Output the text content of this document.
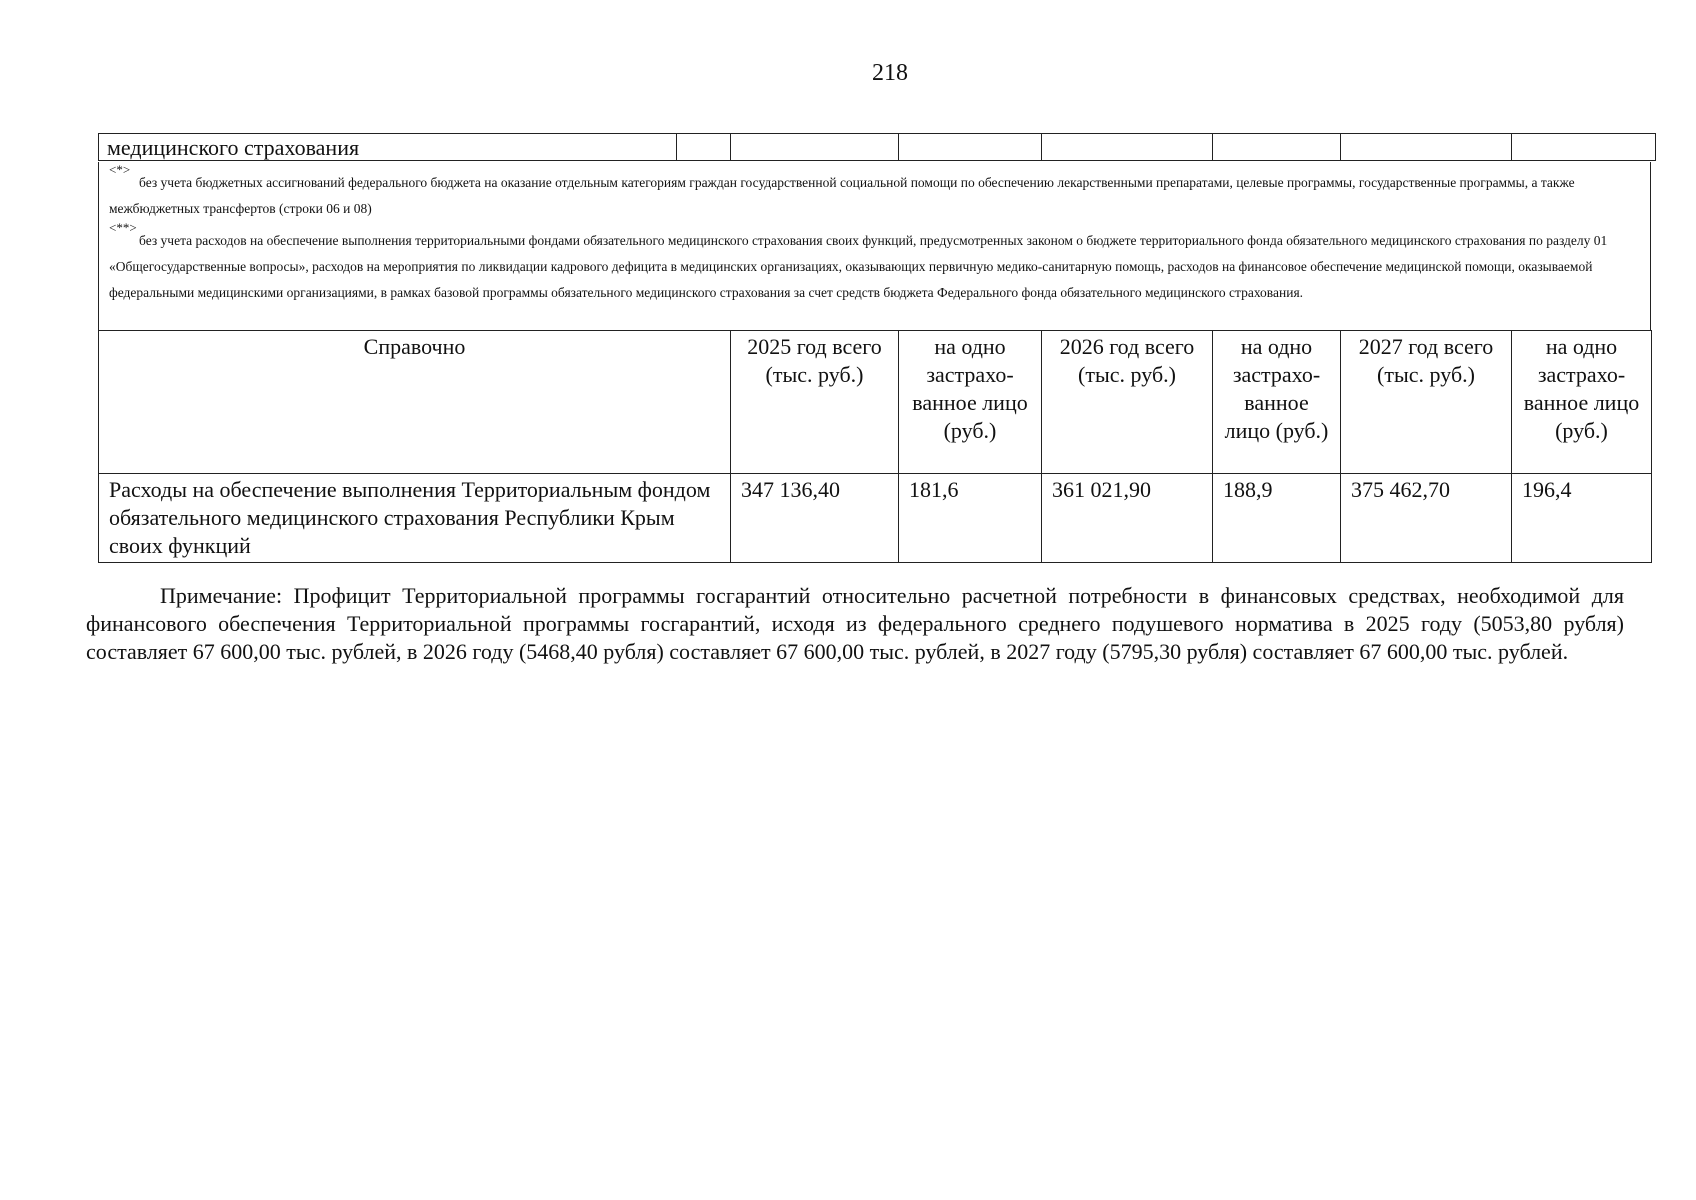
218
медицинского страхования							
<*>

без учета бюджетных ассигнований федерального бюджета на оказание отдельным категориям граждан государственной социальной помощи по обеспечению лекарственными препаратами, целевые программы, государственные программы, а также межбюджетных трансфертов (строки 06 и 08)

<**>

без учета расходов на обеспечение выполнения территориальными фондами обязательного медицинского страхования своих функций, предусмотренных законом о бюджете территориального фонда обязательного медицинского страхования по разделу 01 «Общегосударственные вопросы», расходов на мероприятия по ликвидации кадрового дефицита в медицинских организациях, оказывающих первичную медико-санитарную помощь, расходов на финансовое обеспечение медицинской помощи, оказываемой федеральными медицинскими организациями, в рамках базовой программы обязательного медицинского страхования за счет средств бюджета Федерального фонда обязательного медицинского страхования.

Справочно	2025 год всего (тыс. руб.)	на одно застрахо-ванное лицо (руб.)	2026 год всего (тыс. руб.)	на одно застрахо-ванное лицо (руб.)	2027 год всего (тыс. руб.)	на одно застрахо-ванное лицо (руб.)
Расходы на обеспечение выполнения Территориальным фондом обязательного медицинского страхования Республики Крым своих функций	347 136,40	181,6	361 021,90	188,9	375 462,70	196,4

Примечание: Профицит Территориальной программы госгарантий относительно расчетной потребности в финансовых средствах, необходимой для финансового обеспечения Территориальной программы госгарантий, исходя из федерального среднего подушевого норматива в 2025 году (5053,80 рубля) составляет 67 600,00 тыс. рублей, в 2026 году (5468,40 рубля) составляет 67 600,00 тыс. рублей, в 2027 году (5795,30 рубля) составляет 67 600,00 тыс. рублей.
